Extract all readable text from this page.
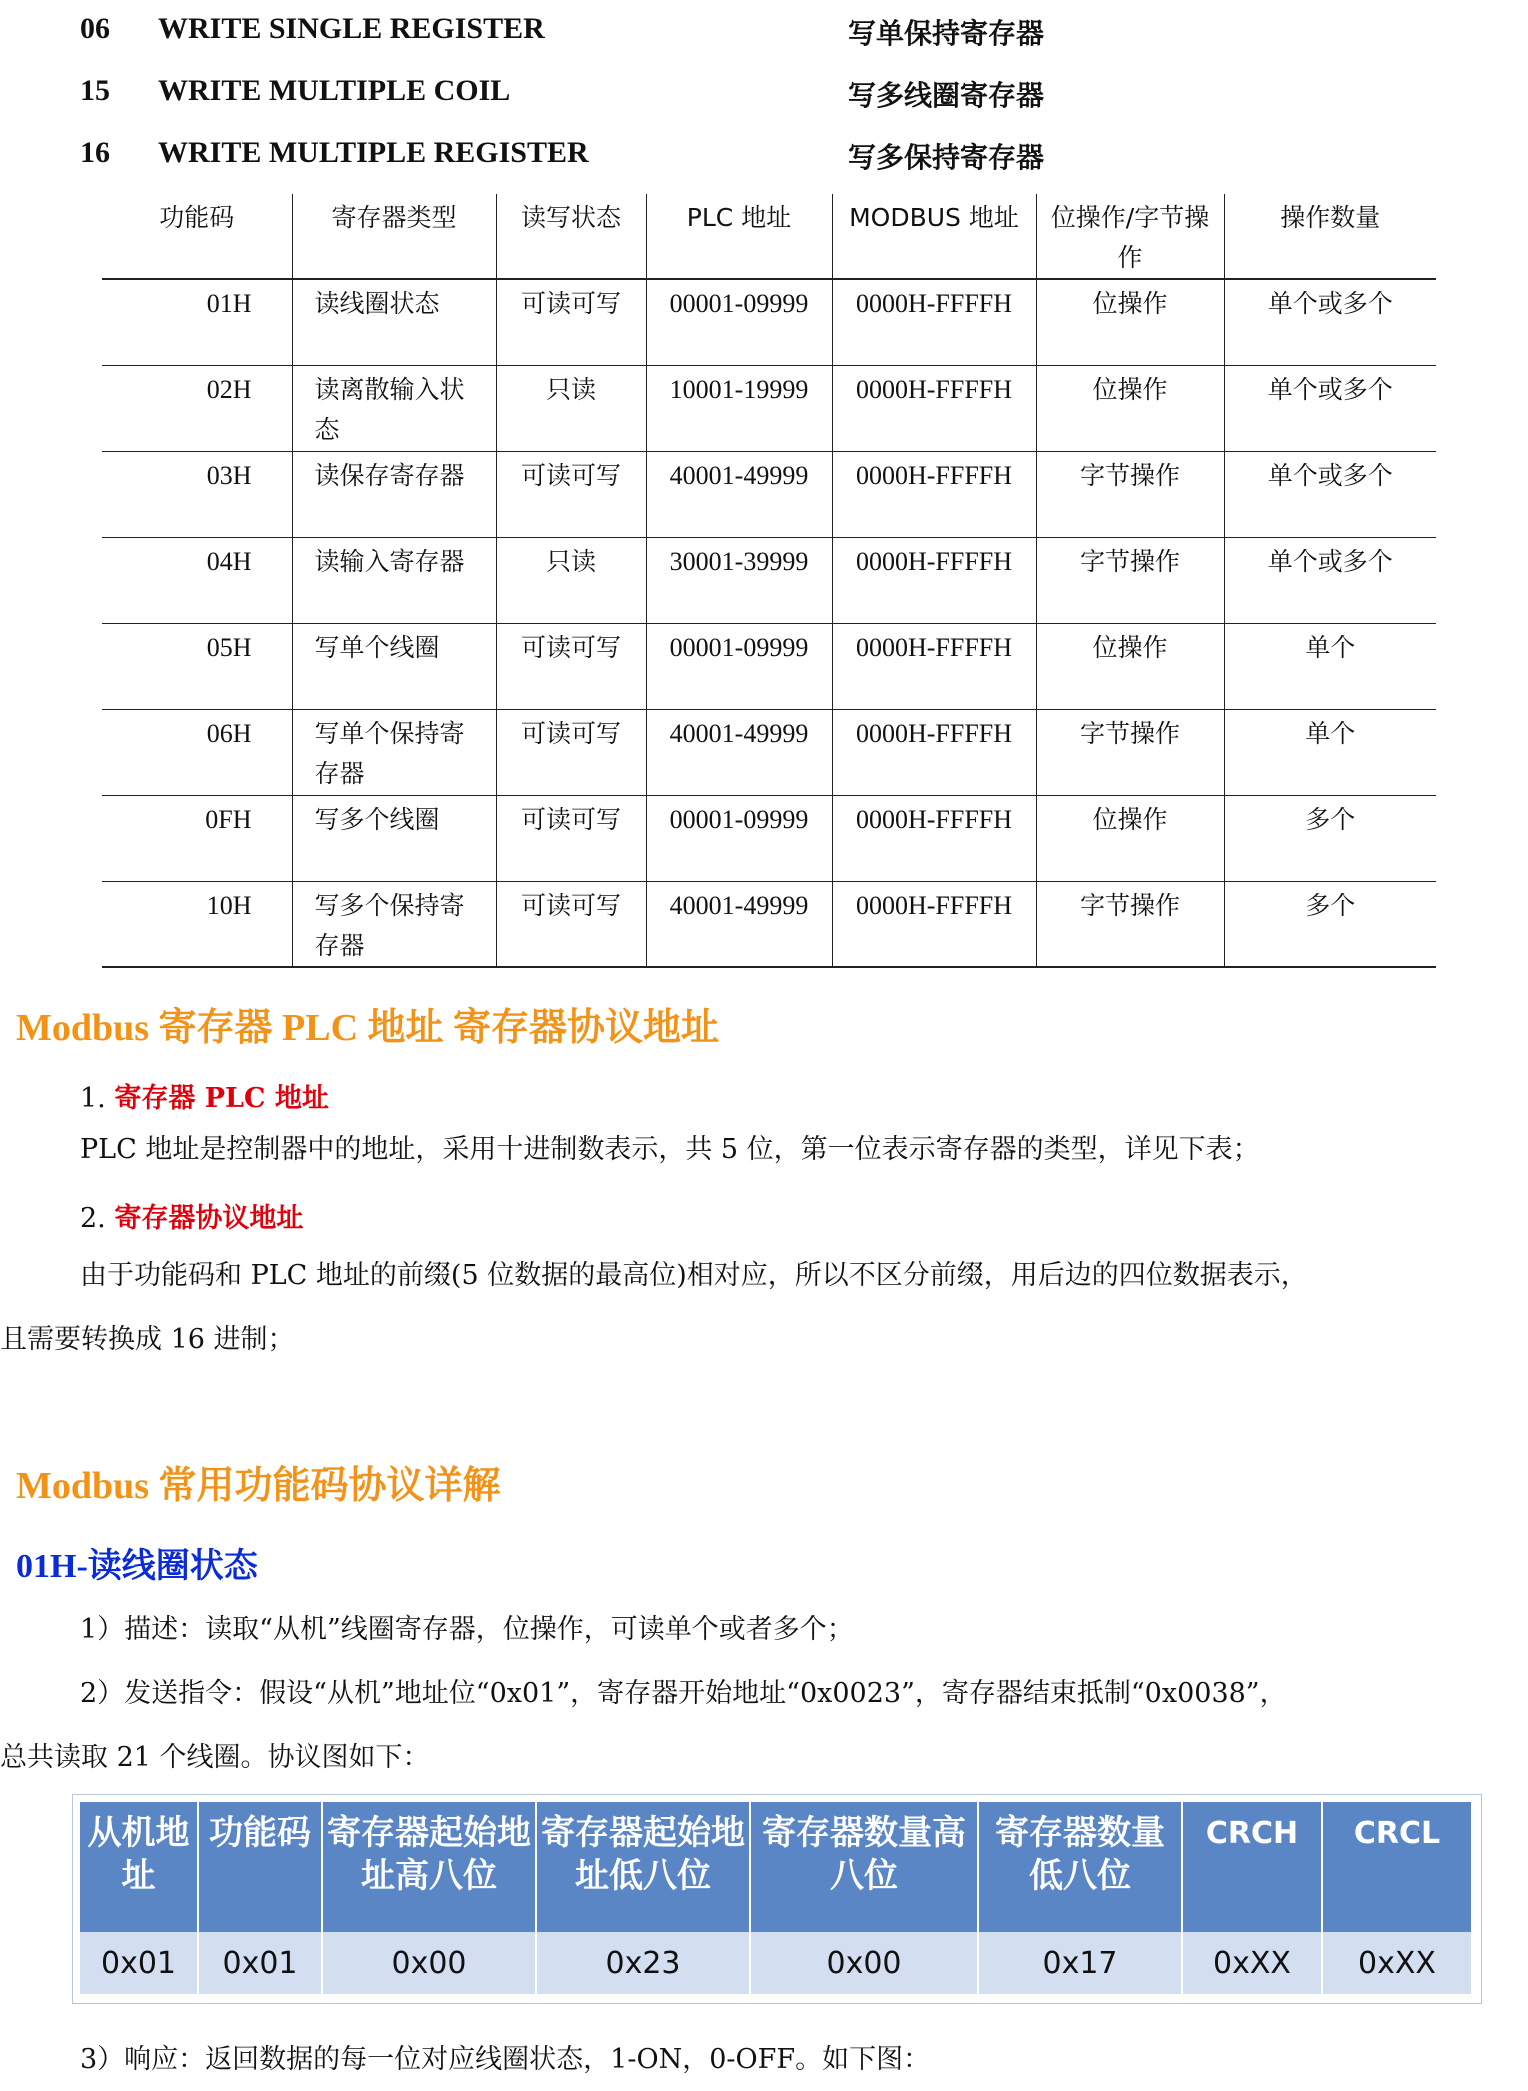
06 WRITE SINGLE REGISTER	写单保持寄存器
15 WRITE MULTIPLE COIL	写多线圈寄存器
16 WRITE MULTIPLE REGISTER	写多保持寄存器
功能码	寄存器类型	读写状态	PLC 地址	MODBUS 地址	位操作/字节操作	操作数量
01H	读线圈状态	可读可写	00001-09999	0000H-FFFFH	位操作	单个或多个
02H	读离散输入状态	只读	10001-19999	0000H-FFFFH	位操作	单个或多个
03H	读保存寄存器	可读可写	40001-49999	0000H-FFFFH	字节操作	单个或多个
04H	读输入寄存器	只读	30001-39999	0000H-FFFFH	字节操作	单个或多个
05H	写单个线圈	可读可写	00001-09999	0000H-FFFFH	位操作	单个
06H	写单个保持寄存器	可读可写	40001-49999	0000H-FFFFH	字节操作	单个
0FH	写多个线圈	可读可写	00001-09999	0000H-FFFFH	位操作	多个
10H	写多个保持寄存器	可读可写	40001-49999	0000H-FFFFH	字节操作	多个
Modbus 寄存器 PLC 地址 寄存器协议地址
1. 寄存器 PLC 地址
PLC 地址是控制器中的地址，采用十进制数表示，共 5 位，第一位表示寄存器的类型，详见下表；
2. 寄存器协议地址
由于功能码和 PLC 地址的前缀(5 位数据的最高位)相对应，所以不区分前缀，用后边的四位数据表示，
且需要转换成 16 进制；
Modbus 常用功能码协议详解
01H-读线圈状态
1）描述：读取“从机”线圈寄存器，位操作，可读单个或者多个；
2）发送指令：假设“从机”地址位“0x01”，寄存器开始地址“0x0023”，寄存器结束抵制“0x0038”，
总共读取 21 个线圈。协议图如下：
从机地址	功能码	寄存器起始地址高八位	寄存器起始地址低八位	寄存器数量高八位	寄存器数量低八位	CRCH	CRCL
0x01	0x01	0x00	0x23	0x00	0x17	0xXX	0xXX
3）响应：返回数据的每一位对应线圈状态，1-ON，0-OFF。如下图：
